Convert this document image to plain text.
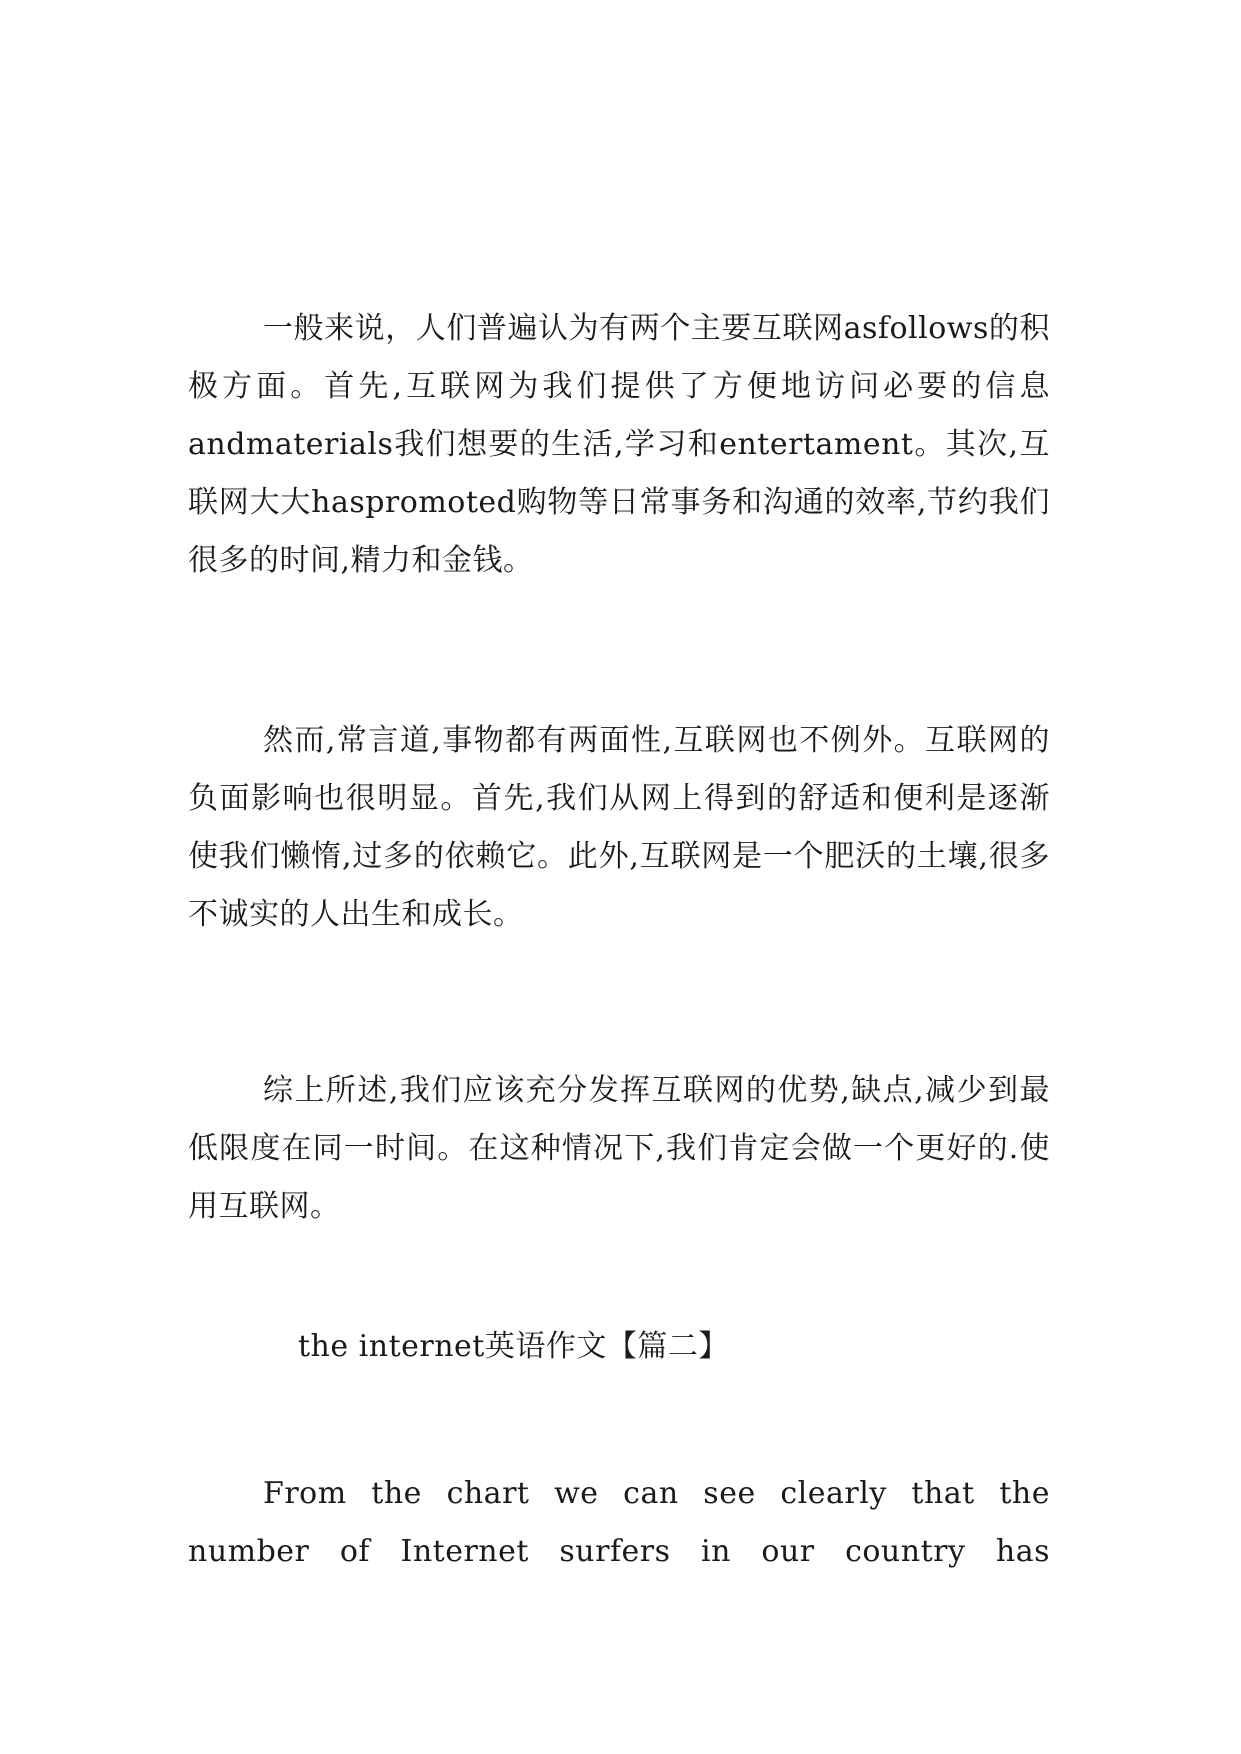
一般来说，人们普遍认为有两个主要互联网asfollows的积极方面。首先,互联网为我们提供了方便地访问必要的信息andmaterials我们想要的生活,学习和entertament。其次,互联网大大haspromoted购物等日常事务和沟通的效率,节约我们很多的时间,精力和金钱。

然而,常言道,事物都有两面性,互联网也不例外。互联网的负面影响也很明显。首先,我们从网上得到的舒适和便利是逐渐使我们懒惰,过多的依赖它。此外,互联网是一个肥沃的土壤,很多不诚实的人出生和成长。

综上所述,我们应该充分发挥互联网的优势,缺点,减少到最低限度在同一时间。在这种情况下,我们肯定会做一个更好的.使用互联网。

the internet英语作文【篇二】

From the chart we can see clearly that the number of Internet surfers in our country has
